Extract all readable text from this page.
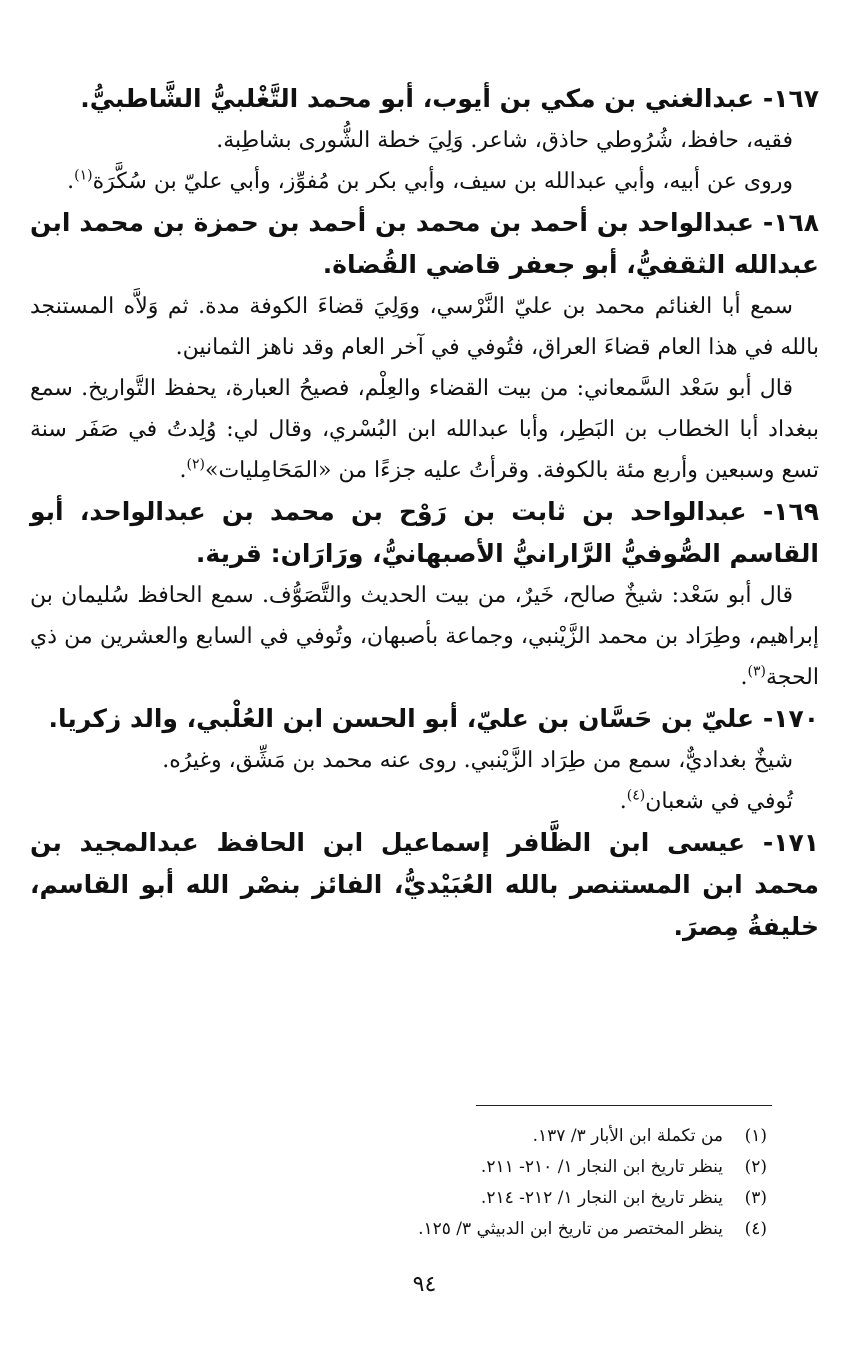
١٦٧- عبدالغني بن مكي بن أيوب، أبو محمد التَّغْلبيُّ الشَّاطبيُّ.

فقيه، حافظ، شُرُوطي حاذق، شاعر. وَلِيَ خطة الشُّورى بشاطِبة.

وروى عن أبيه، وأبي عبدالله بن سيف، وأبي بكر بن مُفوِّز، وأبي عليّ بن سُكَّرَة$^{(١)}$.

١٦٨- عبدالواحد بن أحمد بن محمد بن أحمد بن حمزة بن محمد ابن عبدالله الثقفيُّ، أبو جعفر قاضي القُضاة.

سمع أبا الغنائم محمد بن عليّ النَّرْسي، ووَلِيَ قضاءَ الكوفة مدة. ثم وَلاَّه المستنجد بالله في هذا العام قضاءَ العراق، فتُوفي في آخر العام وقد ناهز الثمانين.

قال أبو سَعْد السَّمعاني: من بيت القضاء والعِلْم، فصيحُ العبارة، يحفظ التَّواريخ. سمع ببغداد أبا الخطاب بن البَطِر، وأبا عبدالله ابن البُسْري، وقال لي: وُلِدتُ في صَفَر سنة تسع وسبعين وأربع مئة بالكوفة. وقرأتُ عليه جزءًا من «المَحَامِليات»$^{(٢)}$.

١٦٩- عبدالواحد بن ثابت بن رَوْح بن محمد بن عبدالواحد، أبو القاسم الصُّوفيُّ الرَّارانيُّ الأصبهانيُّ، ورَارَان: قرية.

قال أبو سَعْد: شيخٌ صالح، خَيرٌ، من بيت الحديث والتَّصَوُّف. سمع الحافظ سُليمان بن إبراهيم، وطِرَاد بن محمد الزَّيْنبي، وجماعة بأصبهان، وتُوفي في السابع والعشرين من ذي الحجة$^{(٣)}$.

١٧٠- عليّ بن حَسَّان بن عليّ، أبو الحسن ابن العُلْبي، والد زكريا.

شيخٌ بغداديٌّ، سمع من طِرَاد الزَّيْنبي. روى عنه محمد بن مَشِّق، وغيرُه.

تُوفي في شعبان$^{(٤)}$.

١٧١- عيسى ابن الظَّافر إسماعيل ابن الحافظ عبدالمجيد بن محمد ابن المستنصر بالله العُبَيْديُّ، الفائز بنصْر الله أبو القاسم، خليفةُ مِصرَ.

(١)
من تكملة ابن الأبار ٣/ ١٣٧.
(٢)
ينظر تاريخ ابن النجار ١/ ٢١٠- ٢١١.
(٣)
ينظر تاريخ ابن النجار ١/ ٢١٢- ٢١٤.
(٤)
ينظر المختصر من تاريخ ابن الدبيثي ٣/ ١٢٥.
٩٤
